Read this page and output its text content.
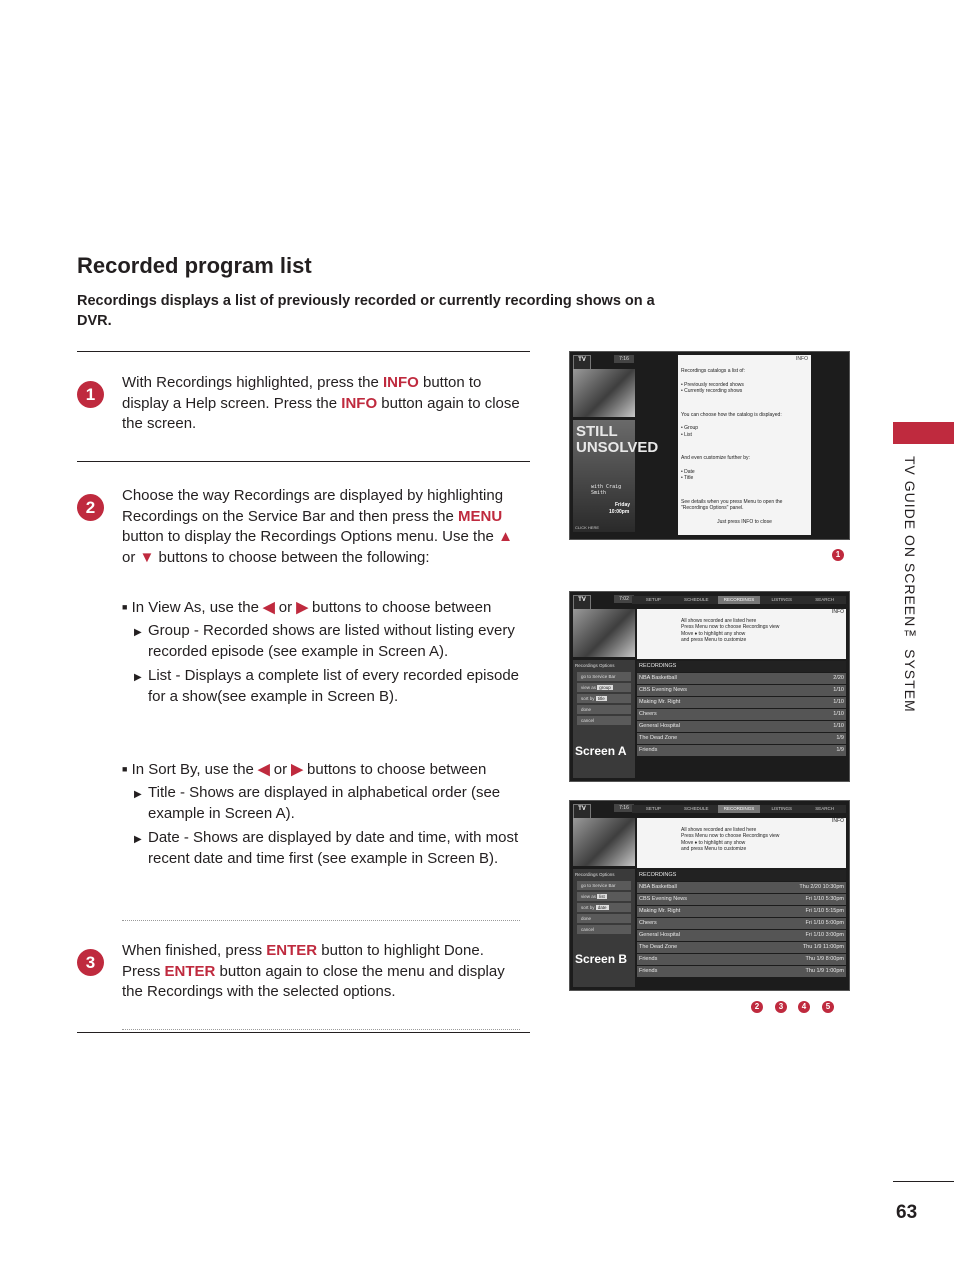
Recorded program list

Recordings displays a list of previously recorded or currently recording shows on a DVR.

1

With Recordings highlighted, press the INFO button to display a Help screen. Press the INFO button again to close the screen.

2

Choose the way Recordings are displayed by highlighting Recordings on the Service Bar and then press the MENU button to display the Recordings Options menu. Use the ▲ or ▼ buttons to choose between the following:

■ In View As, use the ◀ or ▶ buttons to choose between
▶ Group - Recorded shows are listed without listing every recorded episode (see example in Screen A).
▶ List - Displays a complete list of every recorded episode for a show(see example in Screen B).
■ In Sort By, use the ◀ or ▶ buttons to choose between
▶ Title - Shows are displayed in alphabetical order (see example in Screen A).
▶ Date - Shows are displayed by date and time, with most recent date and time first (see example in Screen B).
3

When finished, press ENTER button to highlight Done. Press ENTER button again to close the menu and display the Recordings with the selected options.

TV	7:16
STILL UNSOLVED
with Craig Smith
Friday
10:00pm
CLICK HERE
INFO
Recordings catalogs a list of:
• Previously recorded shows
• Currently recording shows
You can choose how the catalog is displayed:
• Group
• List
And even customize further by:
• Date
• Title
See details when you press Menu to open the "Recordings Options" panel.
Just press INFO to close
1
TV	7:02	SETUP	SCHEDULE	RECORDINGS	LISTINGS	SEARCH
INFO
All shows recorded are listed here
Press Menu now to choose Recordings view
Move ♦ to highlight any show
and press Menu to customize
Recordings Options
go to Service Bar
view as group
sort by title
done
cancel
Screen A
RECORDINGS
NBA Basketball	2/20
CBS Evening News	1/10
Making Mr. Right	1/10
Cheers	1/10
General Hospital	1/10
The Dead Zone	1/9
Friends	1/9
TV	7:16	SETUP	SCHEDULE	RECORDINGS	LISTINGS	SEARCH
INFO
All shows recorded are listed here
Press Menu now to choose Recordings view
Move ♦ to highlight any show
and press Menu to customize
Recordings Options
go to Service Bar
view as list
sort by date
done
cancel
Screen B
RECORDINGS
NBA Basketball	Thu 2/20 10:30pm
CBS Evening News	Fri 1/10 5:30pm
Making Mr. Right	Fri 1/10 5:15pm
Cheers	Fri 1/10 5:00pm
General Hospital	Fri 1/10 3:00pm
The Dead Zone	Thu 1/9 11:00pm
Friends	Thu 1/9 8:00pm
Friends	Thu 1/9 1:00pm
2	3	4	5
TV GUIDE ON SCREEN™ SYSTEM
63
